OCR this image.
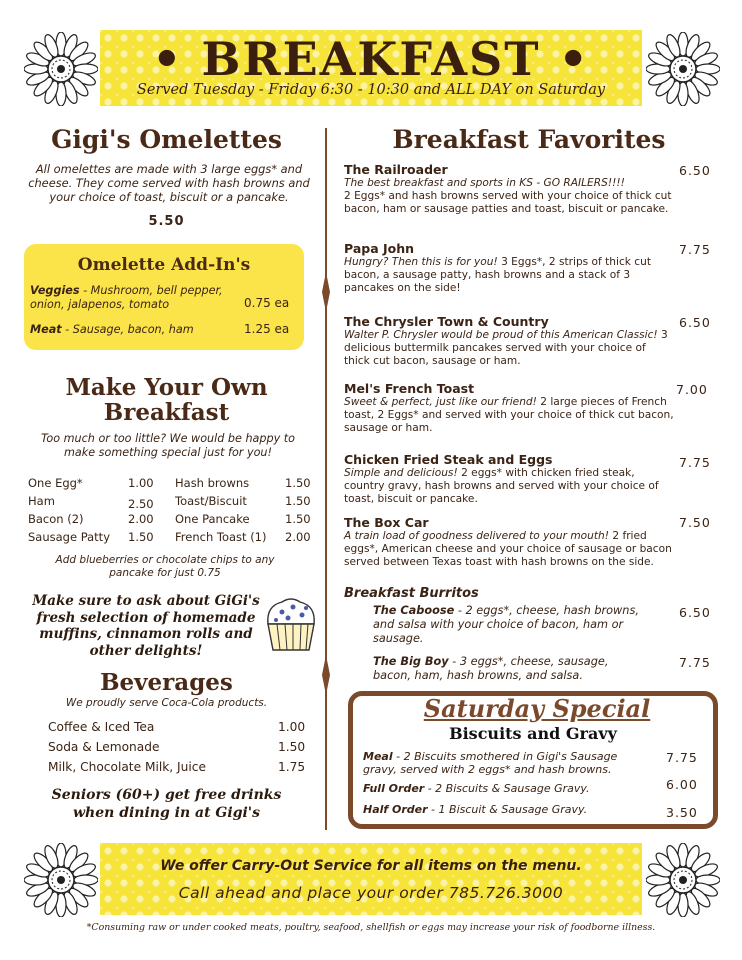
• BREAKFAST •
Served Tuesday - Friday 6:30 - 10:30 and ALL DAY on Saturday
Gigi's Omelettes
All omelettes are made with 3 large eggs* and cheese. They come served with hash browns and your choice of toast, biscuit or a pancake.
5.50
Omelette Add-In's
Veggies - Mushroom, bell pepper, onion, jalapenos, tomato	0.75 ea
Meat - Sausage, bacon, ham	1.25 ea
Make Your Own
Breakfast
Too much or too little? We would be happy to make something special just for you!
One Egg*	1.00
Ham	2.50
Bacon (2)	2.00
Sausage Patty 1.50
Hash browns	1.50
Toast/Biscuit	1.50
One Pancake	1.50
French Toast (1) 2.00
Add blueberries or chocolate chips to any pancake for just 0.75
Make sure to ask about GiGi's
fresh selection of homemade
muffins, cinnamon rolls and
other delights!
Beverages
We proudly serve Coca-Cola products.
Coffee & Iced Tea	1.00
Soda & Lemonade	1.50
Milk, Chocolate Milk, Juice	1.75
Seniors (60+) get free drinks
when dining in at Gigi's
Breakfast Favorites
The Railroader
The best breakfast and sports in KS - GO RAILERS!!!!
2 Eggs* and hash browns served with your choice of thick cut bacon, ham or sausage patties and toast, biscuit or pancake.
6.50
Papa John
Hungry? Then this is for you! 3 Eggs*, 2 strips of thick cut bacon, a sausage patty, hash browns and a stack of 3 pancakes on the side!
7.75
The Chrysler Town & Country
Walter P. Chrysler would be proud of this American Classic! 3 delicious buttermilk pancakes served with your choice of thick cut bacon, sausage or ham.
6.50
Mel's French Toast
Sweet & perfect, just like our friend! 2 large pieces of French toast, 2 Eggs* and served with your choice of thick cut bacon, sausage or ham.
7.00
Chicken Fried Steak and Eggs
Simple and delicious! 2 eggs* with chicken fried steak, country gravy, hash browns and served with your choice of toast, biscuit or pancake.
7.75
The Box Car
A train load of goodness delivered to your mouth! 2 fried eggs*, American cheese and your choice of sausage or bacon served between Texas toast with hash browns on the side.
7.50
Breakfast Burritos
The Caboose - 2 eggs*, cheese, hash browns, and salsa with your choice of bacon, ham or sausage.
6.50
The Big Boy - 3 eggs*, cheese, sausage, bacon, ham, hash browns, and salsa.
7.75
Saturday Special
Biscuits and Gravy
Meal - 2 Biscuits smothered in Gigi's Sausage gravy, served with 2 eggs* and hash browns.
7.75
Full Order - 2 Biscuits & Sausage Gravy.	6.00
Half Order - 1 Biscuit & Sausage Gravy.	3.50
We offer Carry-Out Service for all items on the menu.
Call ahead and place your order 785.726.3000
*Consuming raw or under cooked meats, poultry, seafood, shellfish or eggs may increase your risk of foodborne illness.
